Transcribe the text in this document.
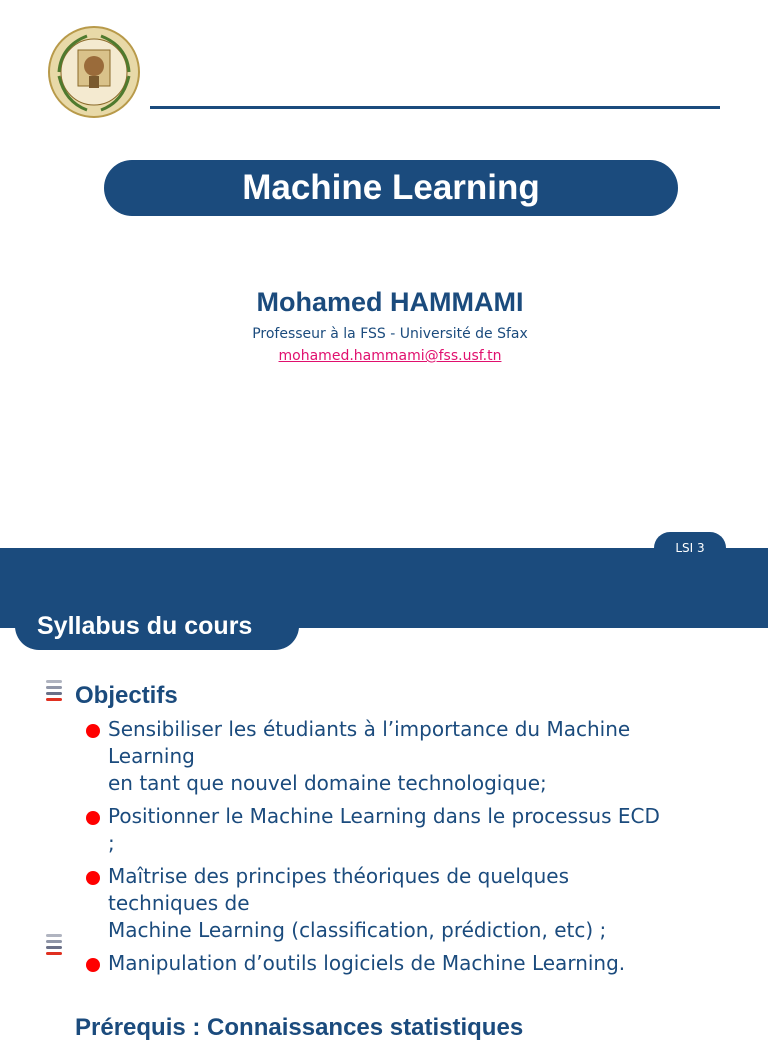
Machine Learning
Mohamed HAMMAMI
Professeur à la FSS - Université de Sfax
mohamed.hammami@fss.usf.tn
LSI 3
Syllabus du cours
Objectifs
Sensibiliser les étudiants à l’importance du Machine
Learning
en tant que nouvel domaine technologique;
Positionner le Machine Learning dans le processus ECD
;
Maîtrise des principes théoriques de quelques
techniques de
Machine Learning (classification, prédiction, etc) ;
Manipulation d’outils logiciels de Machine Learning.
Prérequis : Connaissances statistiques
